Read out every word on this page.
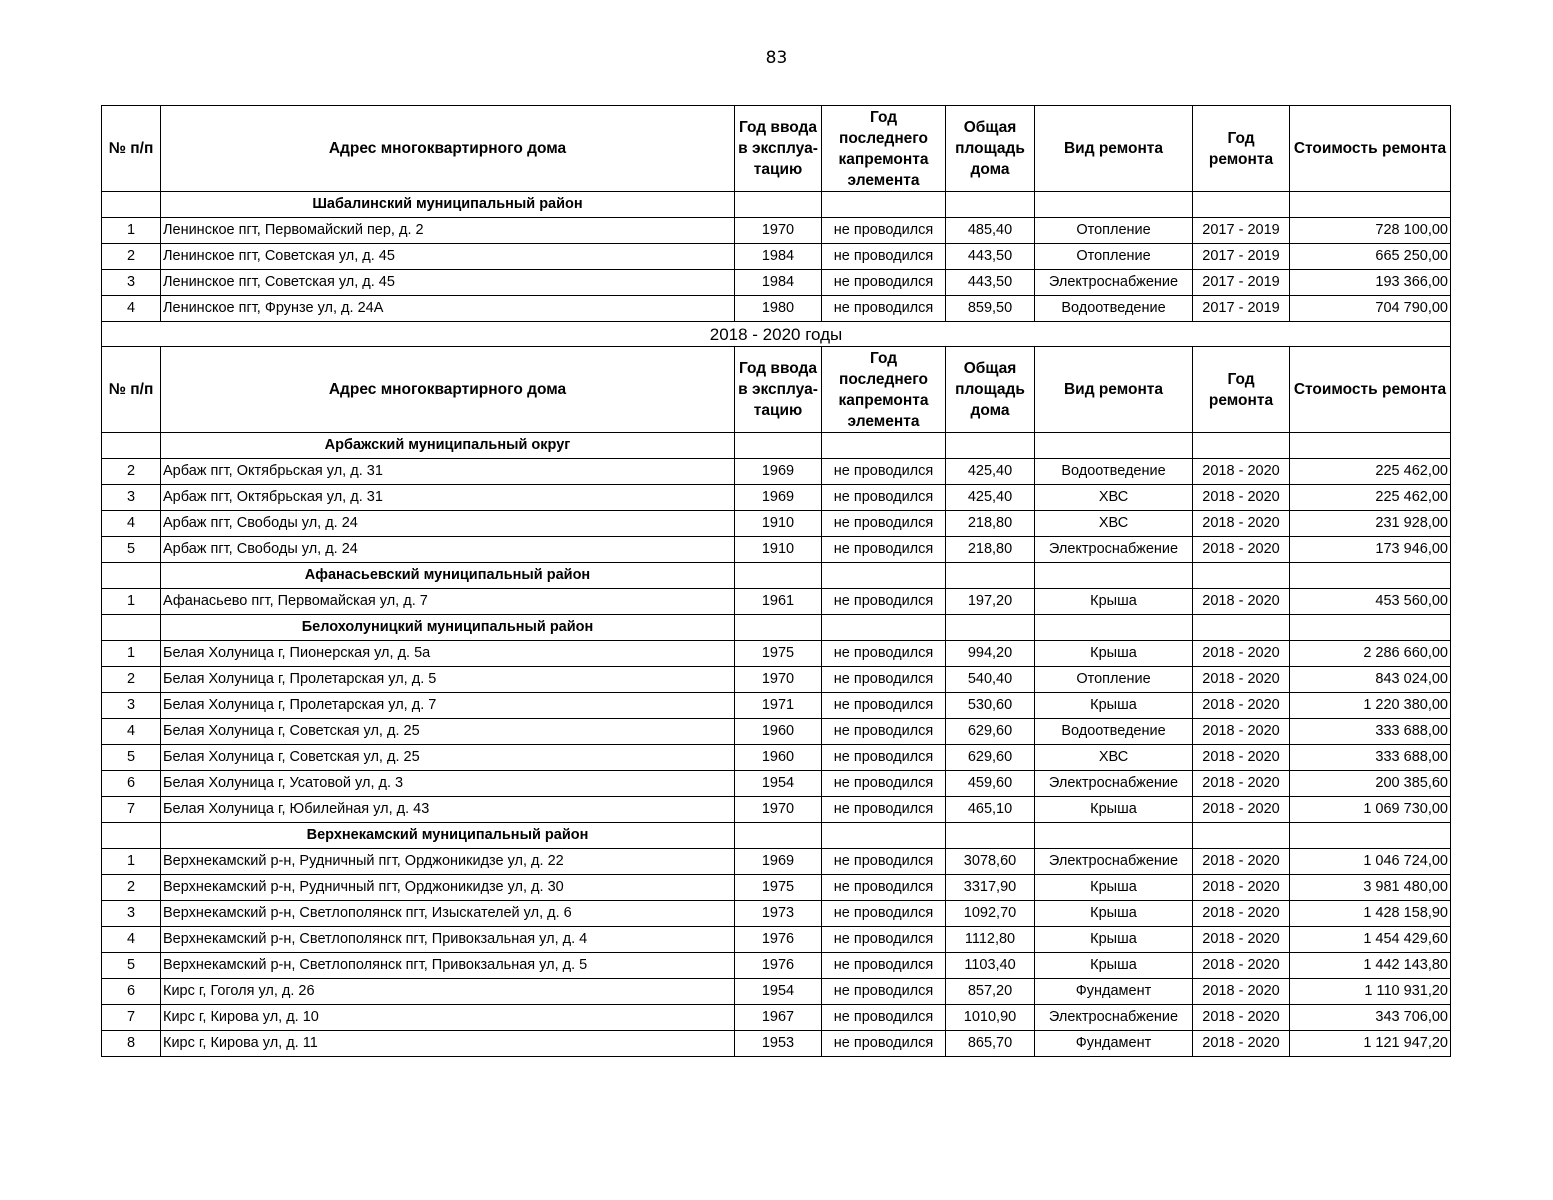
83
№ п/п	Адрес многоквартирного дома	Год ввода в эксплуа-тацию	Год последнего капремонта элемента	Общая площадь дома	Вид ремонта	Год ремонта	Стоимость ремонта
	Шабалинский муниципальный район						
1	Ленинское пгт, Первомайский пер, д. 2	1970	не проводился	485,40	Отопление	2017 - 2019	728 100,00
2	Ленинское пгт, Советская ул, д. 45	1984	не проводился	443,50	Отопление	2017 - 2019	665 250,00
3	Ленинское пгт, Советская ул, д. 45	1984	не проводился	443,50	Электроснабжение	2017 - 2019	193 366,00
4	Ленинское пгт, Фрунзе ул, д. 24А	1980	не проводился	859,50	Водоотведение	2017 - 2019	704 790,00
2018 - 2020 годы							
№ п/п	Адрес многоквартирного дома	Год ввода в эксплуа-тацию	Год последнего капремонта элемента	Общая площадь дома	Вид ремонта	Год ремонта	Стоимость ремонта
	Арбажский муниципальный округ						
2	Арбаж пгт, Октябрьская ул, д. 31	1969	не проводился	425,40	Водоотведение	2018 - 2020	225 462,00
3	Арбаж пгт, Октябрьская ул, д. 31	1969	не проводился	425,40	ХВС	2018 - 2020	225 462,00
4	Арбаж пгт, Свободы ул, д. 24	1910	не проводился	218,80	ХВС	2018 - 2020	231 928,00
5	Арбаж пгт, Свободы ул, д. 24	1910	не проводился	218,80	Электроснабжение	2018 - 2020	173 946,00
	Афанасьевский муниципальный район						
1	Афанасьево пгт, Первомайская ул, д. 7	1961	не проводился	197,20	Крыша	2018 - 2020	453 560,00
	Белохолуницкий муниципальный район						
1	Белая Холуница г, Пионерская ул, д. 5а	1975	не проводился	994,20	Крыша	2018 - 2020	2 286 660,00
2	Белая Холуница г, Пролетарская ул, д. 5	1970	не проводился	540,40	Отопление	2018 - 2020	843 024,00
3	Белая Холуница г, Пролетарская ул, д. 7	1971	не проводился	530,60	Крыша	2018 - 2020	1 220 380,00
4	Белая Холуница г, Советская ул, д. 25	1960	не проводился	629,60	Водоотведение	2018 - 2020	333 688,00
5	Белая Холуница г, Советская ул, д. 25	1960	не проводился	629,60	ХВС	2018 - 2020	333 688,00
6	Белая Холуница г, Усатовой ул, д. 3	1954	не проводился	459,60	Электроснабжение	2018 - 2020	200 385,60
7	Белая Холуница г, Юбилейная ул, д. 43	1970	не проводился	465,10	Крыша	2018 - 2020	1 069 730,00
	Верхнекамский муниципальный район						
1	Верхнекамский р-н, Рудничный пгт, Орджоникидзе ул, д. 22	1969	не проводился	3078,60	Электроснабжение	2018 - 2020	1 046 724,00
2	Верхнекамский р-н, Рудничный пгт, Орджоникидзе ул, д. 30	1975	не проводился	3317,90	Крыша	2018 - 2020	3 981 480,00
3	Верхнекамский р-н, Светлополянск пгт, Изыскателей ул, д. 6	1973	не проводился	1092,70	Крыша	2018 - 2020	1 428 158,90
4	Верхнекамский р-н, Светлополянск пгт, Привокзальная ул, д. 4	1976	не проводился	1112,80	Крыша	2018 - 2020	1 454 429,60
5	Верхнекамский р-н, Светлополянск пгт, Привокзальная ул, д. 5	1976	не проводился	1103,40	Крыша	2018 - 2020	1 442 143,80
6	Кирс г, Гоголя ул, д. 26	1954	не проводился	857,20	Фундамент	2018 - 2020	1 110 931,20
7	Кирс г, Кирова ул, д. 10	1967	не проводился	1010,90	Электроснабжение	2018 - 2020	343 706,00
8	Кирс г, Кирова ул, д. 11	1953	не проводился	865,70	Фундамент	2018 - 2020	1 121 947,20
